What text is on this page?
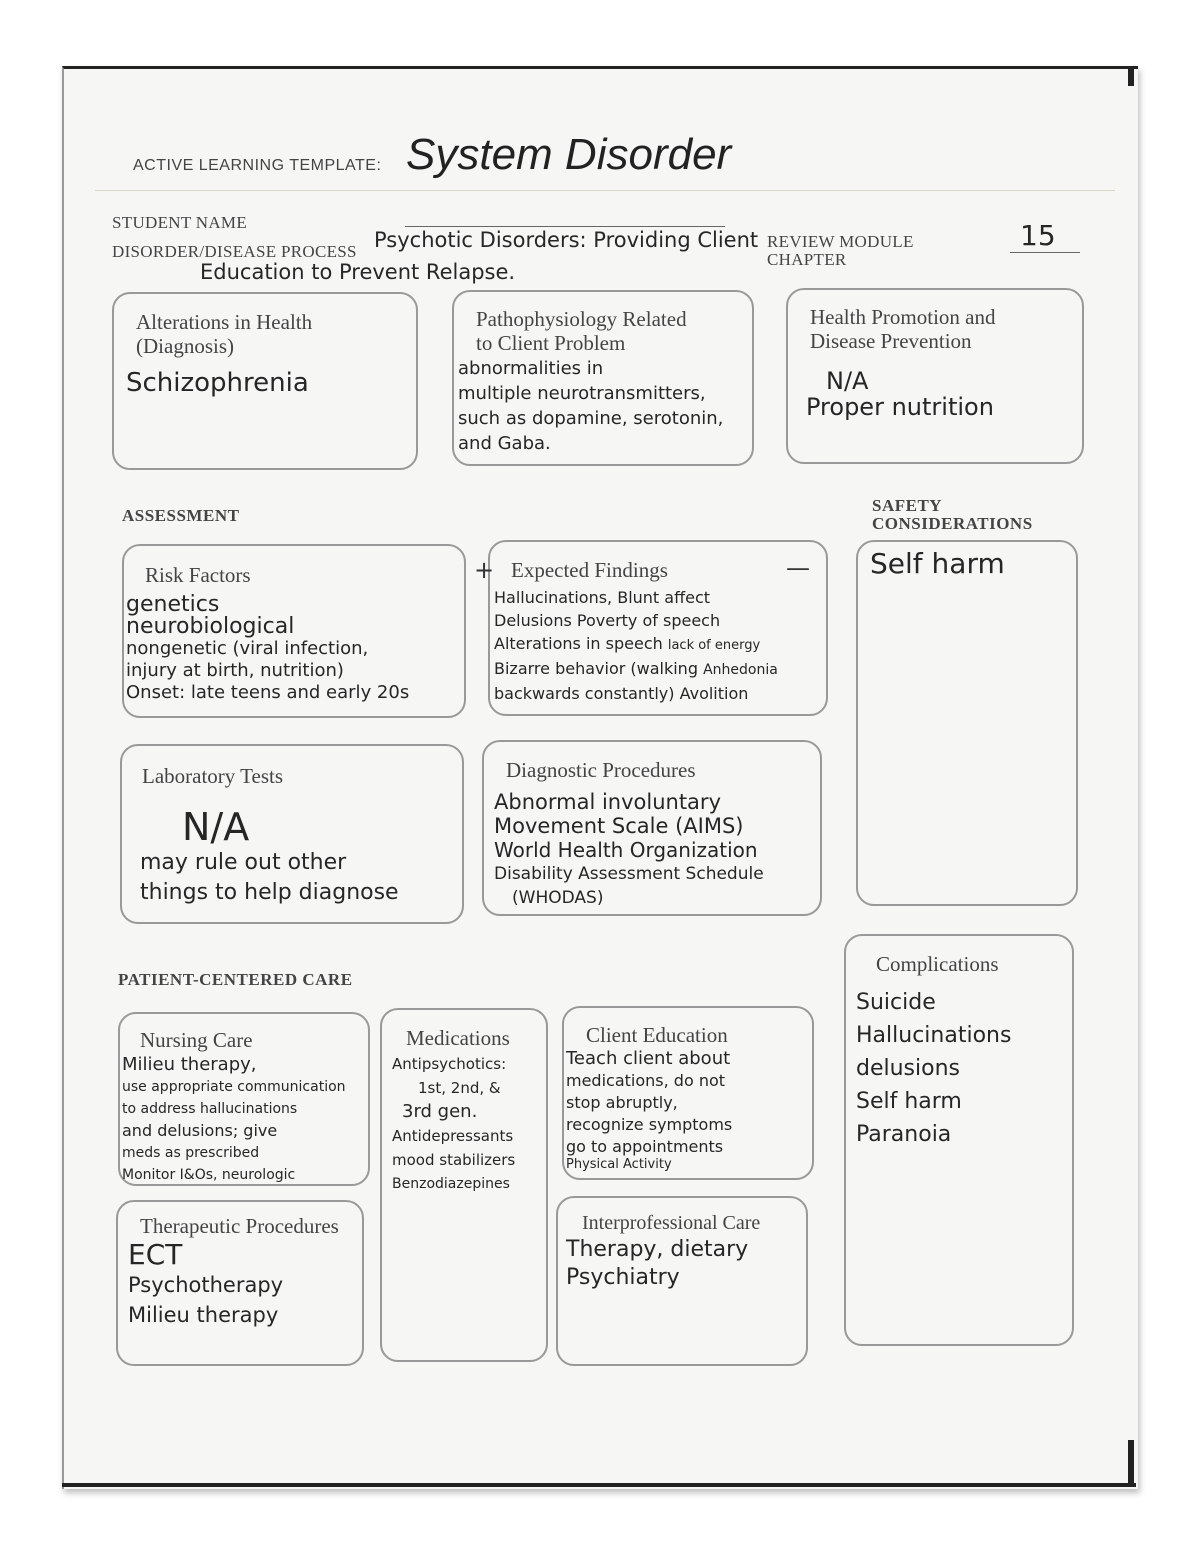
ACTIVE LEARNING TEMPLATE: System Disorder
STUDENT NAME
DISORDER/DISEASE PROCESS Psychotic Disorders: Providing Client
Education to Prevent Relapse.
REVIEW MODULE
CHAPTER
15
Alterations in Health
(Diagnosis)
Schizophrenia
Pathophysiology Related
to Client Problem
abnormalities in
multiple neurotransmitters,
such as dopamine, serotonin,
and Gaba.
Health Promotion and
Disease Prevention
N/A
Proper nutrition
ASSESSMENT
SAFETY
CONSIDERATIONS
Risk Factors
genetics
neurobiological
nongenetic (viral infection,
injury at birth, nutrition)
Onset: late teens and early 20s
+	—
Expected Findings
Hallucinations, Blunt affect
Delusions Poverty of speech
Alterations in speech lack of energy
Bizarre behavior (walking Anhedonia
backwards constantly) Avolition
Self harm
Laboratory Tests
N/A
may rule out other
things to help diagnose
Diagnostic Procedures
Abnormal involuntary
Movement Scale (AIMS)
World Health Organization
Disability Assessment Schedule
(WHODAS)
PATIENT-CENTERED CARE
Complications
Suicide
Hallucinations
delusions
Self harm
Paranoia
Nursing Care
Milieu therapy,
use appropriate communication
to address hallucinations
and delusions; give
meds as prescribed
Monitor I&Os, neurologic
Medications
Antipsychotics:
1st, 2nd, &
3rd gen.
Antidepressants
mood stabilizers
Benzodiazepines
Client Education
Teach client about
medications, do not
stop abruptly,
recognize symptoms
go to appointments
Physical Activity
Therapeutic Procedures
ECT
Psychotherapy
Milieu therapy
Interprofessional Care
Therapy, dietary
Psychiatry
